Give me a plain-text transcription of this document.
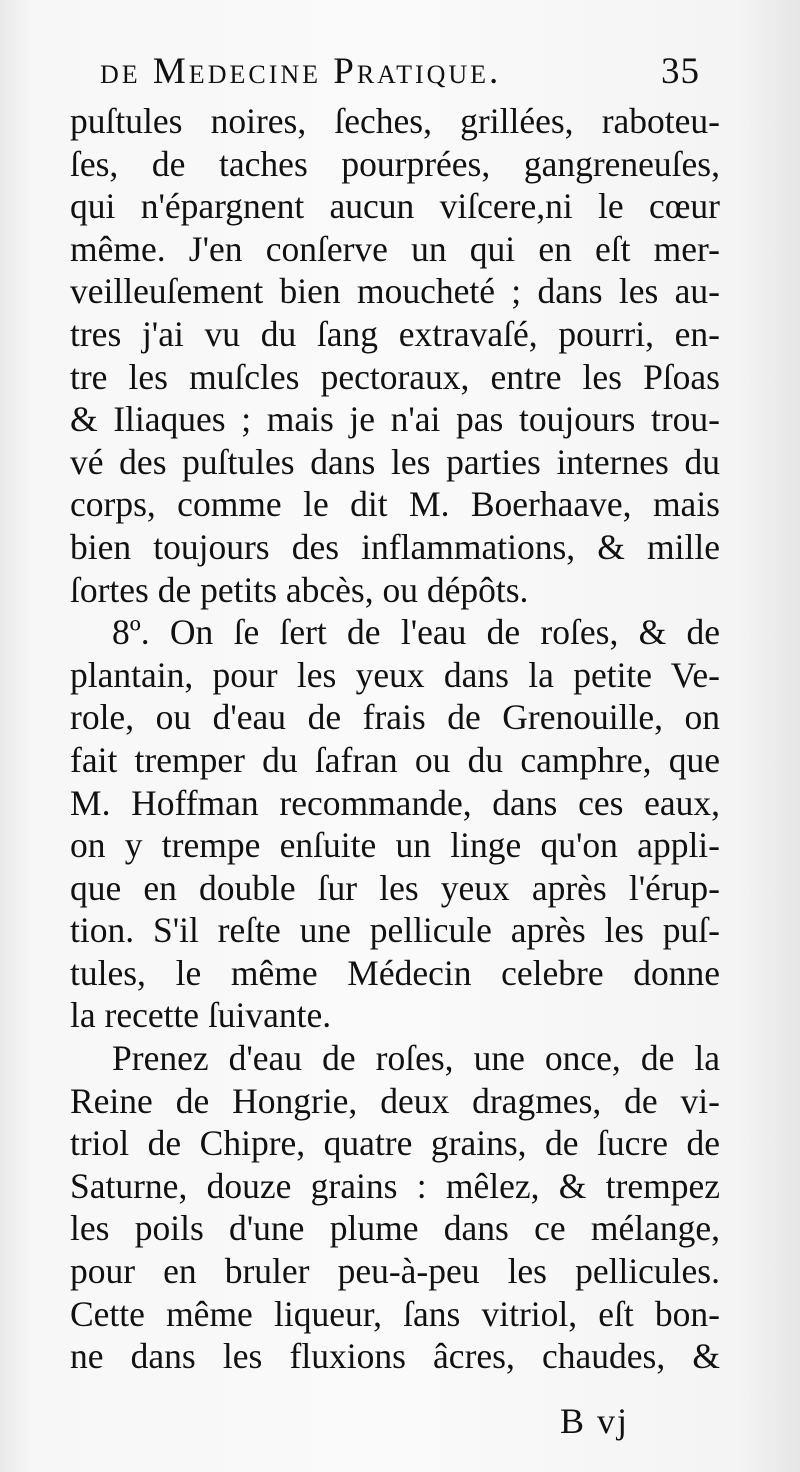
de Medecine Pratique.	35
puſtules noires, ſeches, grillées, raboteu-
ſes, de taches pourprées, gangreneuſes,
qui n'épargnent aucun viſcere,ni le cœur
même. J'en conſerve un qui en eſt mer-
veilleuſement bien moucheté ; dans les au-
tres j'ai vu du ſang extravaſé, pourri, en-
tre les muſcles pectoraux, entre les Pſoas
& Iliaques ; mais je n'ai pas toujours trou-
vé des puſtules dans les parties internes du
corps, comme le dit M. Boerhaave, mais
bien toujours des inflammations, & mille
ſortes de petits abcès, ou dépôts.
8º. On ſe ſert de l'eau de roſes, & de
plantain, pour les yeux dans la petite Ve-
role, ou d'eau de frais de Grenouille, on
fait tremper du ſafran ou du camphre, que
M. Hoffman recommande, dans ces eaux,
on y trempe enſuite un linge qu'on appli-
que en double ſur les yeux après l'érup-
tion. S'il reſte une pellicule après les puſ-
tules, le même Médecin celebre donne
la recette ſuivante.
Prenez d'eau de roſes, une once, de la
Reine de Hongrie, deux dragmes, de vi-
triol de Chipre, quatre grains, de ſucre de
Saturne, douze grains : mêlez, & trempez
les poils d'une plume dans ce mélange,
pour en bruler peu-à-peu les pellicules.
Cette même liqueur, ſans vitriol, eſt bon-
ne dans les fluxions âcres, chaudes, &
B vj
